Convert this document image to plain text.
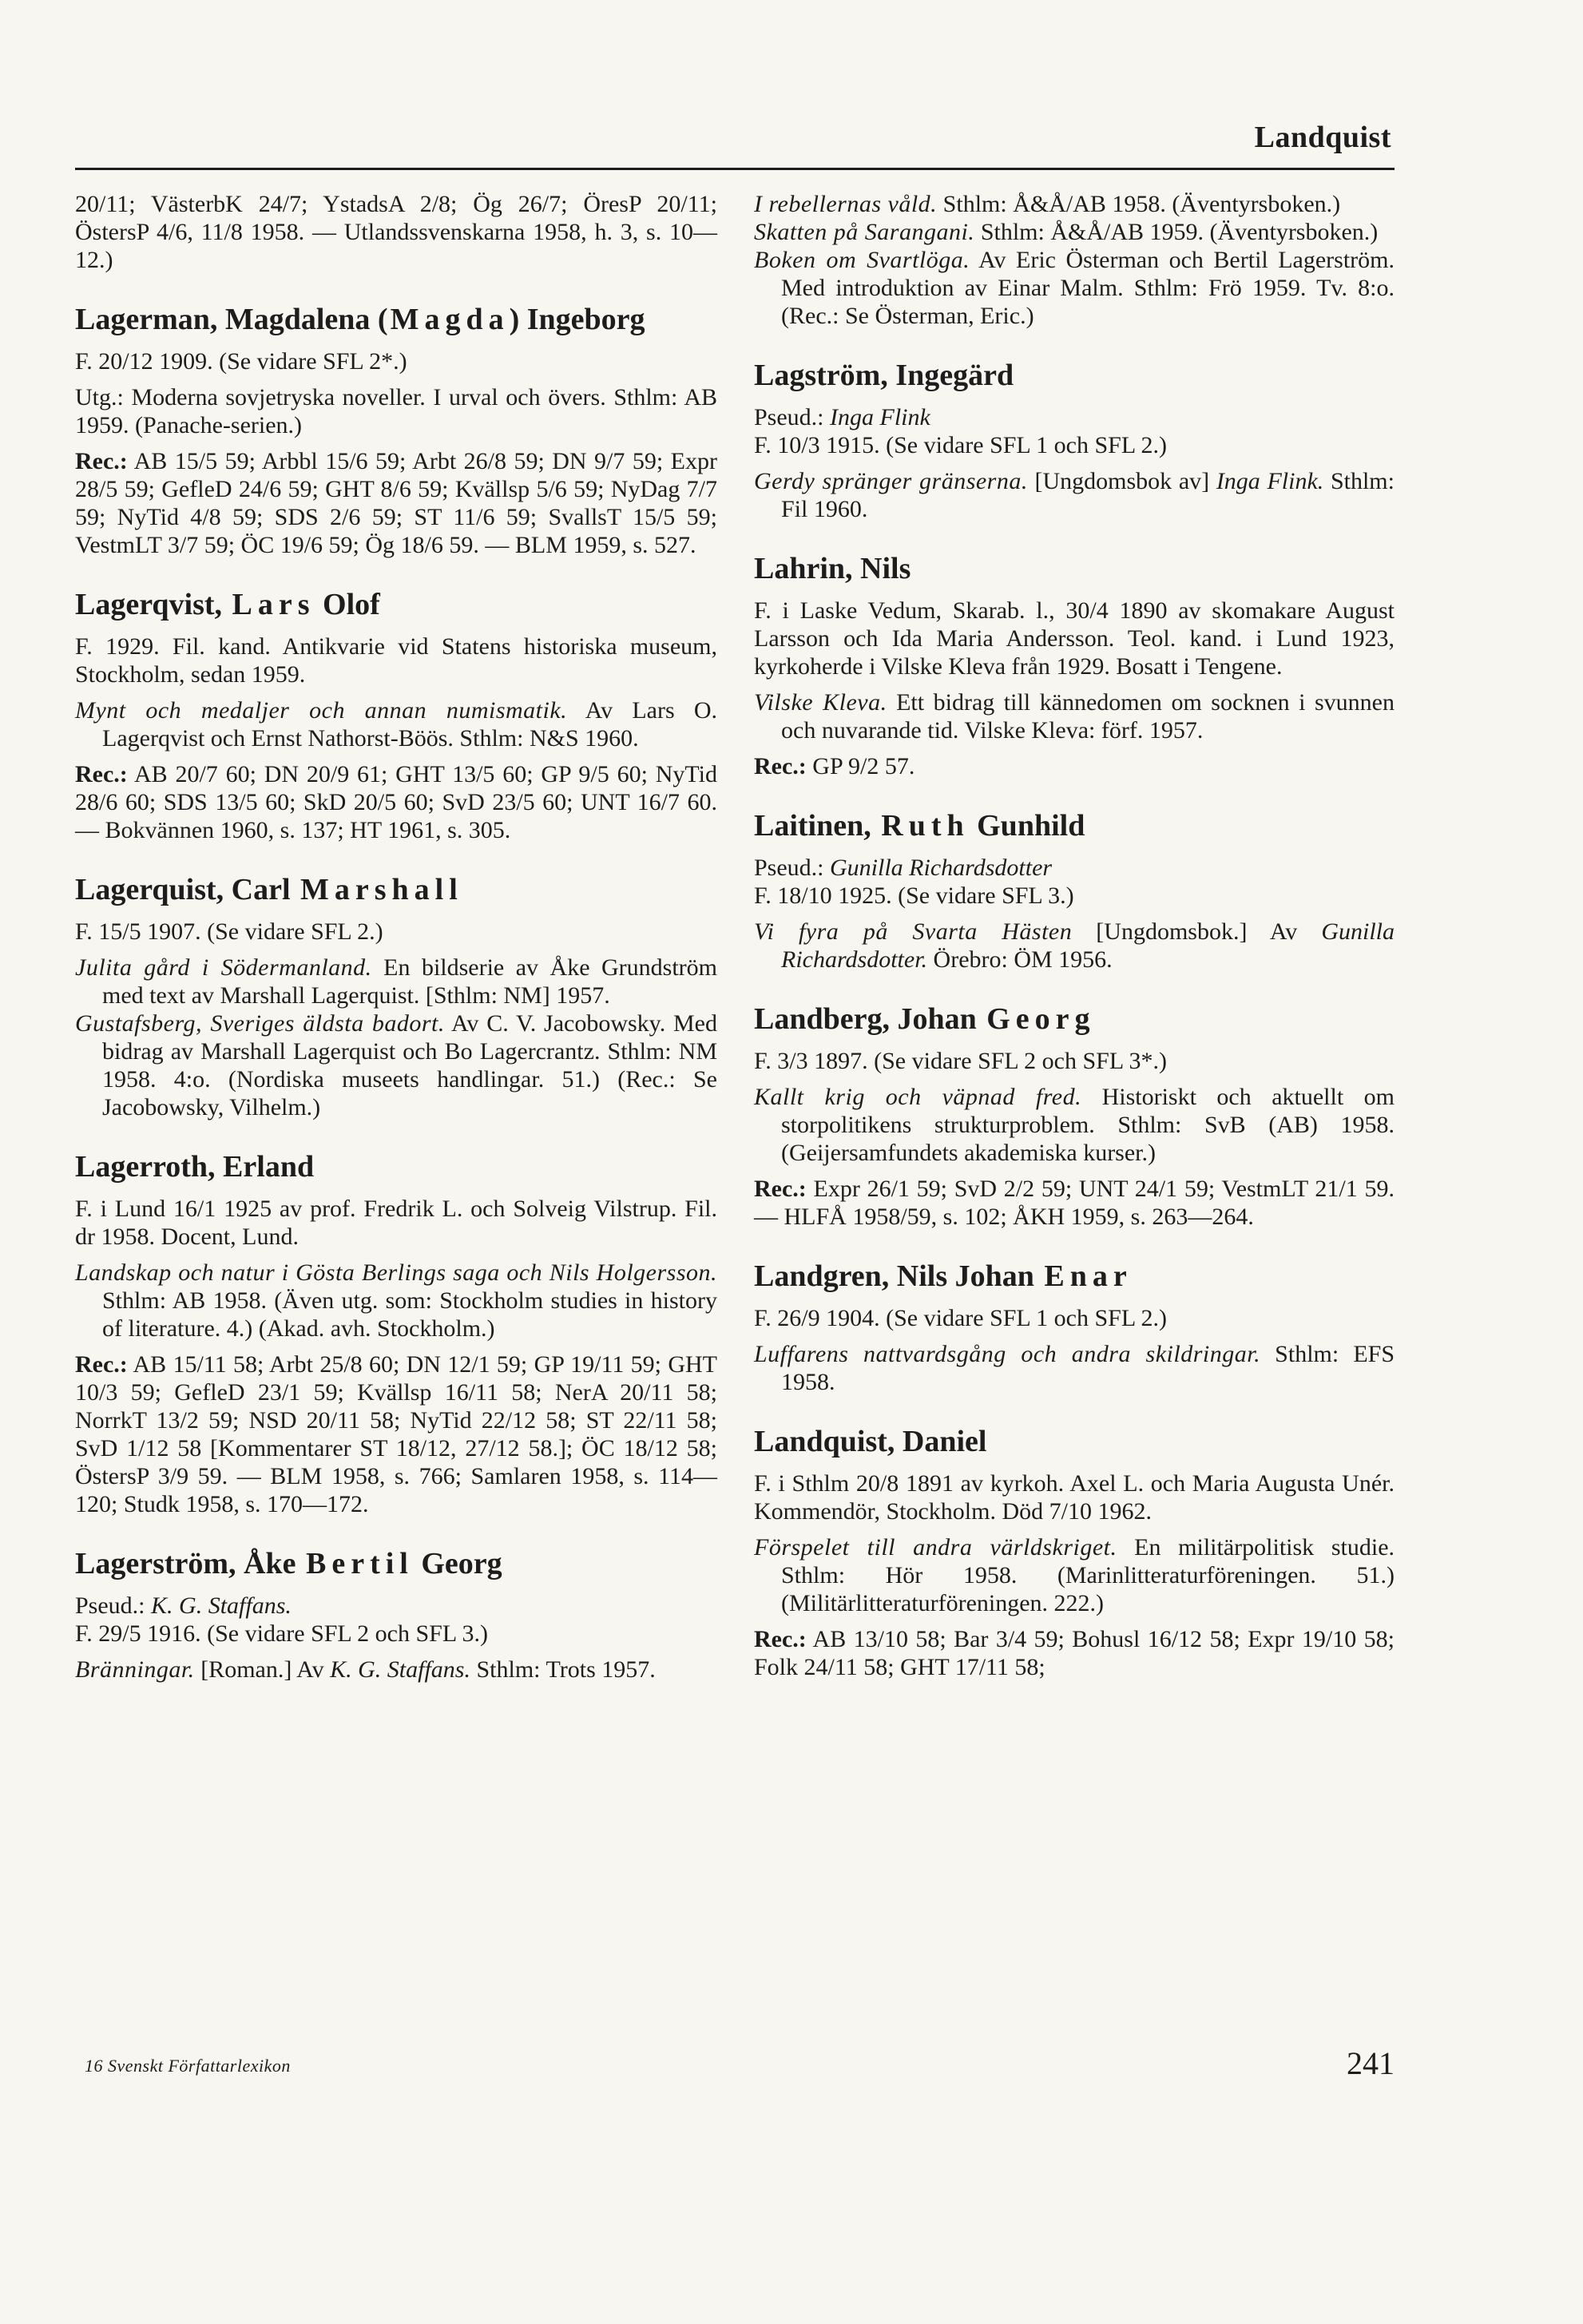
Landquist

20/11; VästerbK 24/7; YstadsA 2/8; Ög 26/7; ÖresP 20/11; ÖstersP 4/6, 11/8 1958. — Utlandssvenskarna 1958, h. 3, s. 10—12.)

Lagerman, Magdalena (Magda) Ingeborg

F. 20/12 1909. (Se vidare SFL 2*.)

Utg.: Moderna sovjetryska noveller. I urval och övers. Sthlm: AB 1959. (Panache-serien.)

Rec.: AB 15/5 59; Arbbl 15/6 59; Arbt 26/8 59; DN 9/7 59; Expr 28/5 59; GefleD 24/6 59; GHT 8/6 59; Kvällsp 5/6 59; NyDag 7/7 59; NyTid 4/8 59; SDS 2/6 59; ST 11/6 59; SvallsT 15/5 59; VestmLT 3/7 59; ÖC 19/6 59; Ög 18/6 59. — BLM 1959, s. 527.

Lagerqvist, Lars Olof

F. 1929. Fil. kand. Antikvarie vid Statens historiska museum, Stockholm, sedan 1959.

Mynt och medaljer och annan numismatik. Av Lars O. Lagerqvist och Ernst Nathorst-Böös. Sthlm: N&S 1960.

Rec.: AB 20/7 60; DN 20/9 61; GHT 13/5 60; GP 9/5 60; NyTid 28/6 60; SDS 13/5 60; SkD 20/5 60; SvD 23/5 60; UNT 16/7 60. — Bokvännen 1960, s. 137; HT 1961, s. 305.

Lagerquist, Carl Marshall

F. 15/5 1907. (Se vidare SFL 2.)

Julita gård i Södermanland. En bildserie av Åke Grundström med text av Marshall Lagerquist. [Sthlm: NM] 1957.

Gustafsberg, Sveriges äldsta badort. Av C. V. Jacobowsky. Med bidrag av Marshall Lagerquist och Bo Lagercrantz. Sthlm: NM 1958. 4:o. (Nordiska museets handlingar. 51.) (Rec.: Se Jacobowsky, Vilhelm.)

Lagerroth, Erland

F. i Lund 16/1 1925 av prof. Fredrik L. och Solveig Vilstrup. Fil. dr 1958. Docent, Lund.

Landskap och natur i Gösta Berlings saga och Nils Holgersson. Sthlm: AB 1958. (Även utg. som: Stockholm studies in history of literature. 4.) (Akad. avh. Stockholm.)

Rec.: AB 15/11 58; Arbt 25/8 60; DN 12/1 59; GP 19/11 59; GHT 10/3 59; GefleD 23/1 59; Kvällsp 16/11 58; NerA 20/11 58; NorrkT 13/2 59; NSD 20/11 58; NyTid 22/12 58; ST 22/11 58; SvD 1/12 58 [Kommentarer ST 18/12, 27/12 58.]; ÖC 18/12 58; ÖstersP 3/9 59. — BLM 1958, s. 766; Samlaren 1958, s. 114—120; Studk 1958, s. 170—172.

Lagerström, Åke Bertil Georg

Pseud.: K. G. Staffans.

F. 29/5 1916. (Se vidare SFL 2 och SFL 3.)

Bränningar. [Roman.] Av K. G. Staffans. Sthlm: Trots 1957.

I rebellernas våld. Sthlm: Å&Å/AB 1958. (Äventyrsboken.)

Skatten på Sarangani. Sthlm: Å&Å/AB 1959. (Äventyrsboken.)

Boken om Svartlöga. Av Eric Österman och Bertil Lagerström. Med introduktion av Einar Malm. Sthlm: Frö 1959. Tv. 8:o. (Rec.: Se Österman, Eric.)

Lagström, Ingegärd

Pseud.: Inga Flink

F. 10/3 1915. (Se vidare SFL 1 och SFL 2.)

Gerdy spränger gränserna. [Ungdomsbok av] Inga Flink. Sthlm: Fil 1960.

Lahrin, Nils

F. i Laske Vedum, Skarab. l., 30/4 1890 av skomakare August Larsson och Ida Maria Andersson. Teol. kand. i Lund 1923, kyrkoherde i Vilske Kleva från 1929. Bosatt i Tengene.

Vilske Kleva. Ett bidrag till kännedomen om socknen i svunnen och nuvarande tid. Vilske Kleva: förf. 1957.

Rec.: GP 9/2 57.

Laitinen, Ruth Gunhild

Pseud.: Gunilla Richardsdotter

F. 18/10 1925. (Se vidare SFL 3.)

Vi fyra på Svarta Hästen [Ungdomsbok.] Av Gunilla Richardsdotter. Örebro: ÖM 1956.

Landberg, Johan Georg

F. 3/3 1897. (Se vidare SFL 2 och SFL 3*.)

Kallt krig och väpnad fred. Historiskt och aktuellt om storpolitikens strukturproblem. Sthlm: SvB (AB) 1958. (Geijersamfundets akademiska kurser.)

Rec.: Expr 26/1 59; SvD 2/2 59; UNT 24/1 59; VestmLT 21/1 59. — HLFÅ 1958/59, s. 102; ÅKH 1959, s. 263—264.

Landgren, Nils Johan Enar

F. 26/9 1904. (Se vidare SFL 1 och SFL 2.)

Luffarens nattvardsgång och andra skildringar. Sthlm: EFS 1958.

Landquist, Daniel

F. i Sthlm 20/8 1891 av kyrkoh. Axel L. och Maria Augusta Unér. Kommendör, Stockholm. Död 7/10 1962.

Förspelet till andra världskriget. En militärpolitisk studie. Sthlm: Hör 1958. (Marinlitteraturföreningen. 51.) (Militärlitteraturföreningen. 222.)

Rec.: AB 13/10 58; Bar 3/4 59; Bohusl 16/12 58; Expr 19/10 58; Folk 24/11 58; GHT 17/11 58;

16 Svenskt Författarlexikon	241
